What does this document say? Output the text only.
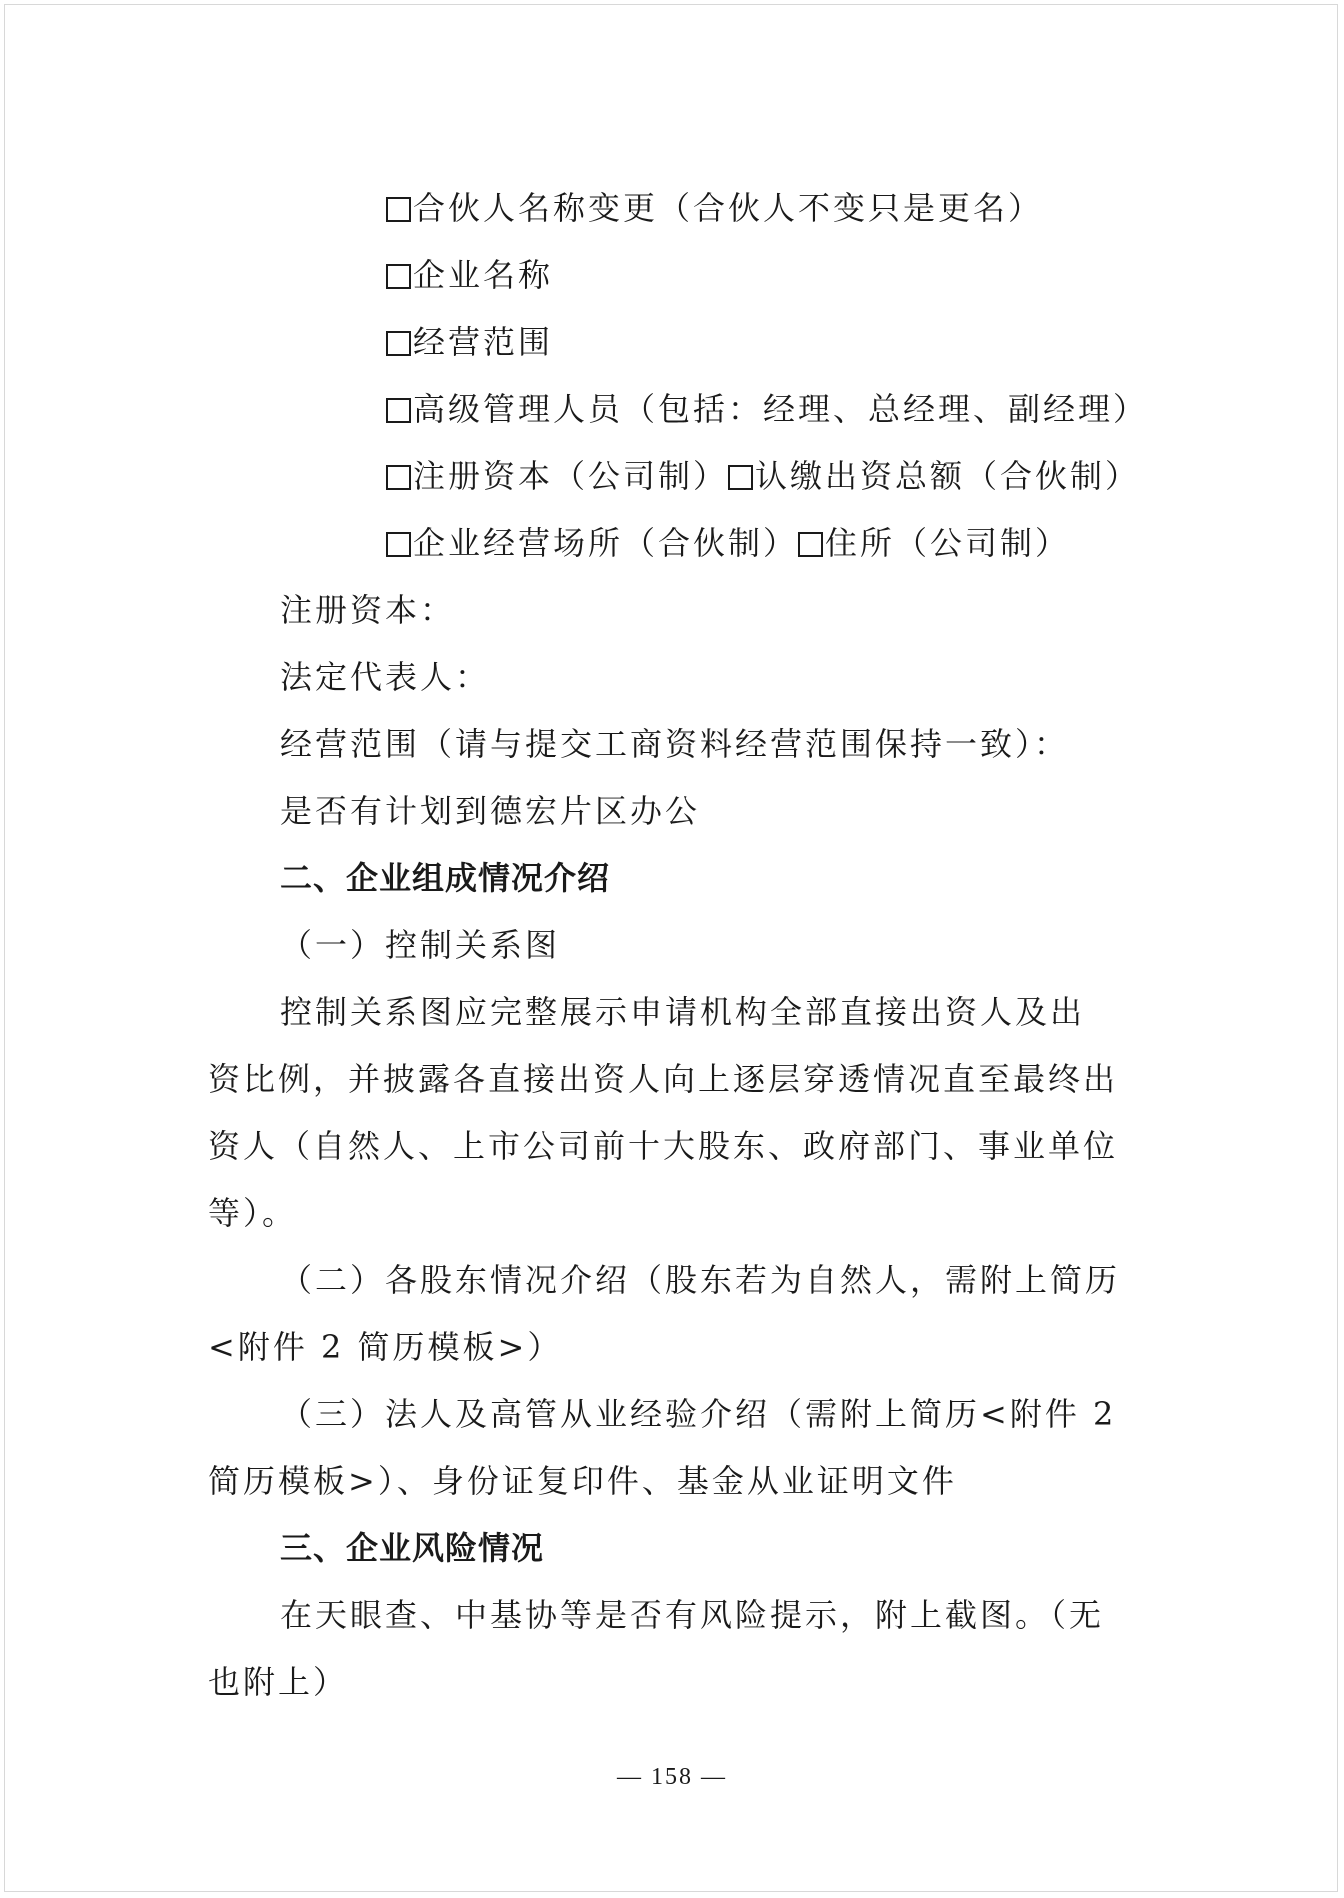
合伙人名称变更（合伙人不变只是更名）
企业名称
经营范围
高级管理人员（包括：经理、总经理、副经理）
注册资本（公司制） 认缴出资总额（合伙制）
企业经营场所（合伙制） 住所（公司制）
注册资本：
法定代表人：
经营范围（请与提交工商资料经营范围保持一致）：
是否有计划到德宏片区办公
二、企业组成情况介绍
（一）控制关系图
控制关系图应完整展示申请机构全部直接出资人及出
资比例，并披露各直接出资人向上逐层穿透情况直至最终出
资人（自然人、上市公司前十大股东、政府部门、事业单位
等）。
（二）各股东情况介绍（股东若为自然人，需附上简历
<附件 2 简历模板>）
（三）法人及高管从业经验介绍（需附上简历<附件 2
简历模板>）、身份证复印件、基金从业证明文件
三、企业风险情况
在天眼查、中基协等是否有风险提示，附上截图。（无
也附上）
— 158 —
